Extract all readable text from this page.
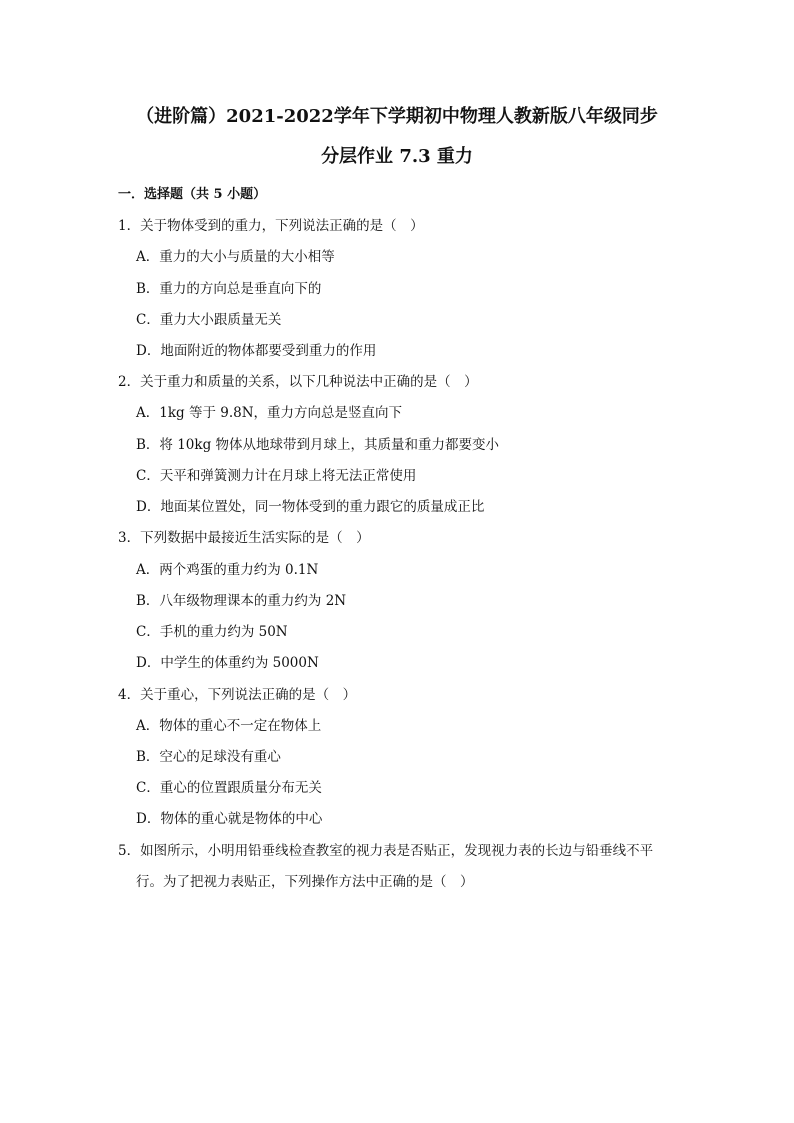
（进阶篇）2021-2022学年下学期初中物理人教新版八年级同步
分层作业 7.3 重力
一．选择题（共 5 小题）
1．关于物体受到的重力，下列说法正确的是（　）
A．重力的大小与质量的大小相等
B．重力的方向总是垂直向下的
C．重力大小跟质量无关
D．地面附近的物体都要受到重力的作用
2．关于重力和质量的关系，以下几种说法中正确的是（　）
A．1kg 等于 9.8N，重力方向总是竖直向下
B．将 10kg 物体从地球带到月球上，其质量和重力都要变小
C．天平和弹簧测力计在月球上将无法正常使用
D．地面某位置处，同一物体受到的重力跟它的质量成正比
3．下列数据中最接近生活实际的是（　）
A．两个鸡蛋的重力约为 0.1N
B．八年级物理课本的重力约为 2N
C．手机的重力约为 50N
D．中学生的体重约为 5000N
4．关于重心，下列说法正确的是（　）
A．物体的重心不一定在物体上
B．空心的足球没有重心
C．重心的位置跟质量分布无关
D．物体的重心就是物体的中心
5．如图所示，小明用铅垂线检查教室的视力表是否贴正，发现视力表的长边与铅垂线不平
行。为了把视力表贴正，下列操作方法中正确的是（　）
